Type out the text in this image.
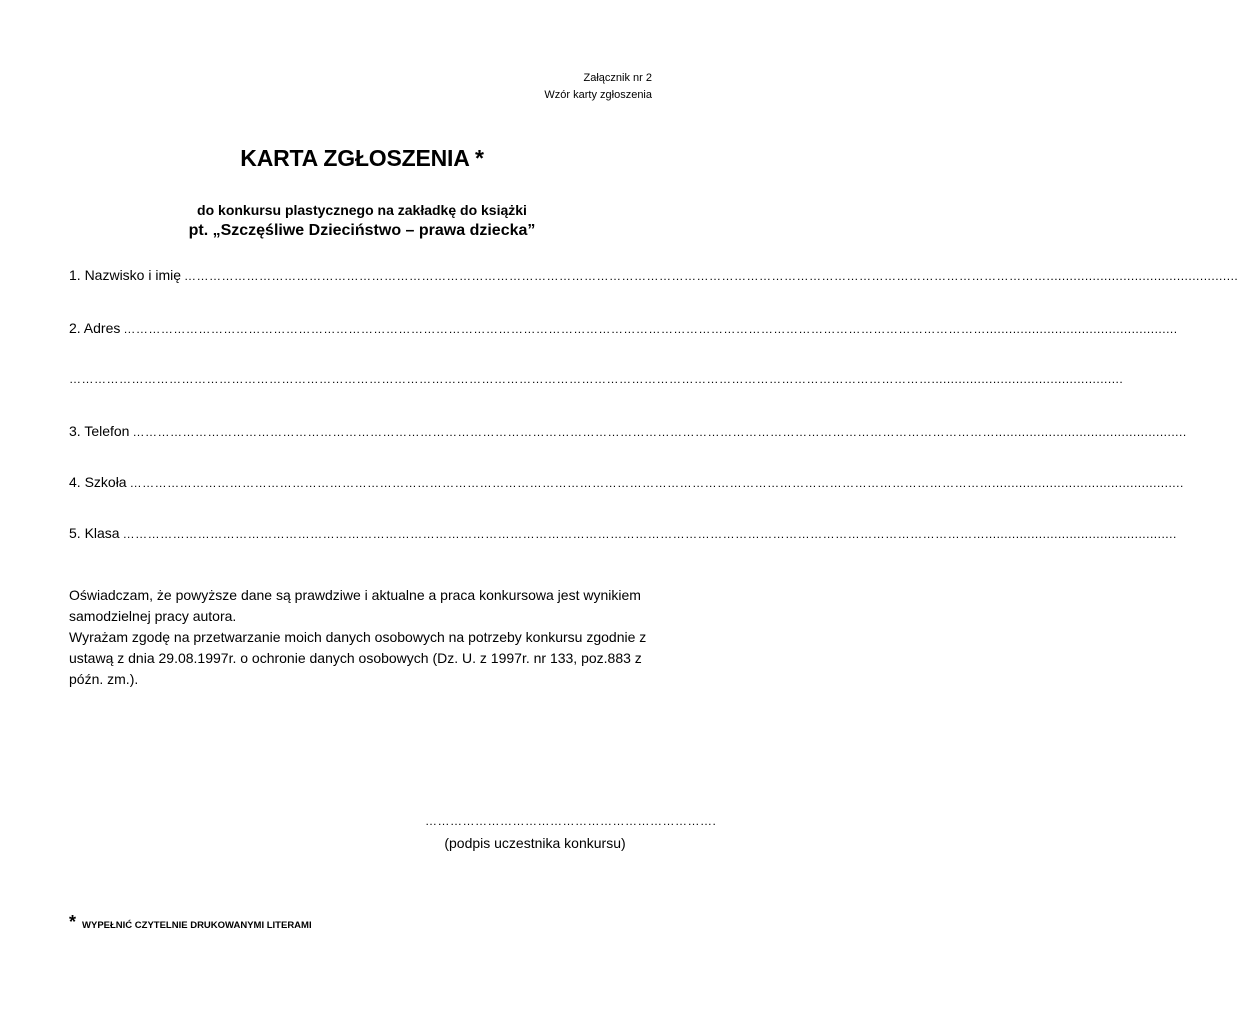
Załącznik nr 2
Wzór karty zgłoszenia
KARTA ZGŁOSZENIA *
do konkursu plastycznego na zakładkę do książki
pt. „Szczęśliwe Dzieciństwo – prawa dziecka”
1. Nazwisko i imię ………………………………………………………………………………………………………………………………………………………………………………………..................................................
2. Adres ………………………………………………………………………………………………………………………………………………………………………………………..................................................
………………………………………………………………………………………………………………………………………………………………………………………..................................................
3. Telefon ………………………………………………………………………………………………………………………………………………………………………………………..................................................
4. Szkoła ………………………………………………………………………………………………………………………………………………………………………………………..................................................
5. Klasa ………………………………………………………………………………………………………………………………………………………………………………………..................................................

Oświadczam, że powyższe dane są prawdziwe i aktualne a praca konkursowa jest wynikiem samodzielnej pracy autora.

Wyrażam zgodę na przetwarzanie moich danych osobowych na potrzeby konkursu zgodnie z ustawą z dnia 29.08.1997r. o ochronie danych osobowych (Dz. U. z 1997r. nr 133, poz.883 z późn. zm.).

…………………………………………………………….
(podpis uczestnika konkursu)
* WYPEŁNIĆ CZYTELNIE DRUKOWANYMI LITERAMI
